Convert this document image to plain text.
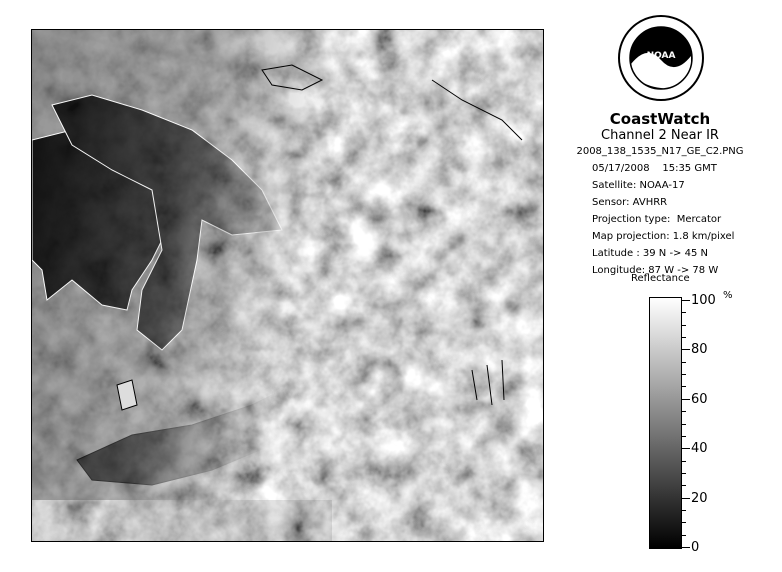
NOAA
CoastWatch
Channel 2 Near IR
2008_138_1535_N17_GE_C2.PNG
05/17/2008    15:35 GMT
Satellite: NOAA-17
Sensor: AVHRR
Projection type:  Mercator
Map projection: 1.8 km/pixel
Latitude : 39 N -> 45 N
Longitude: 87 W -> 78 W
Reflectance
%
100
80
60
40
20
0
